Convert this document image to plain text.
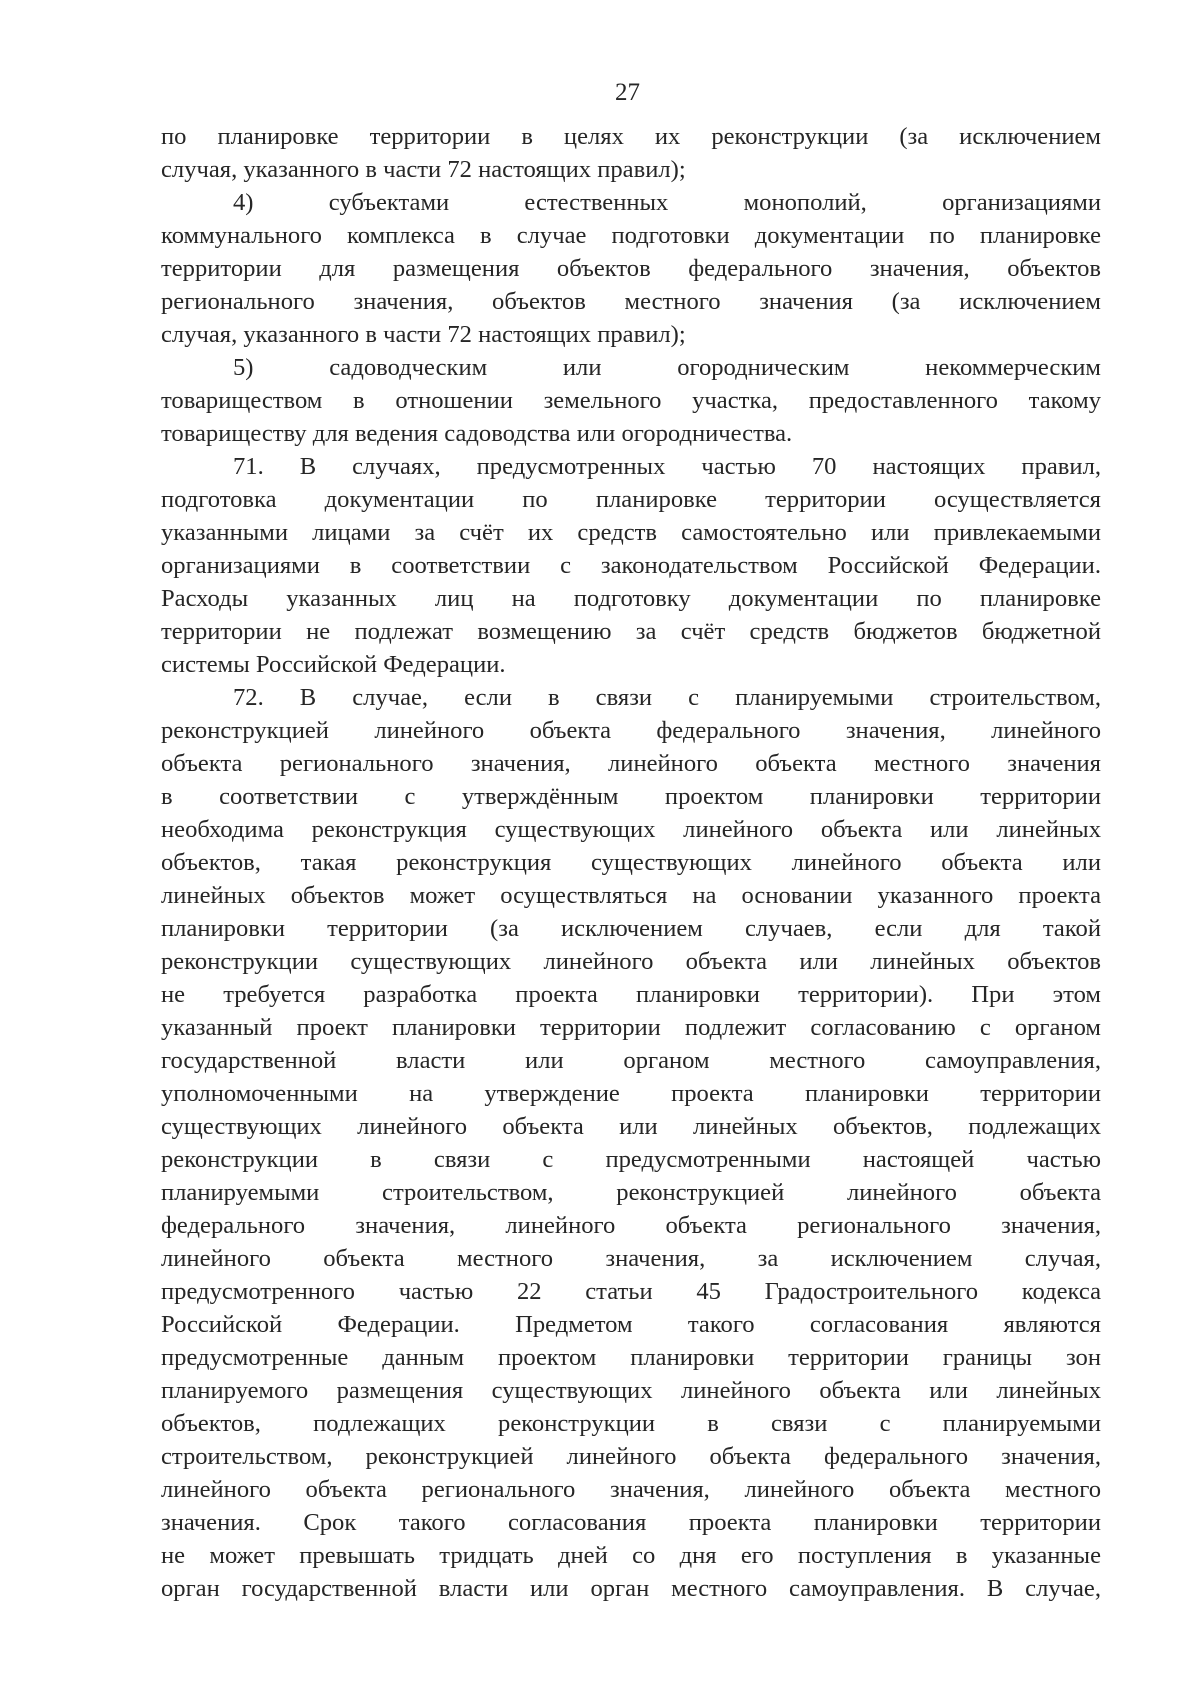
27
по планировке территории в целях их реконструкции (за исключением
случая, указанного в части 72 настоящих правил);
4) субъектами естественных монополий, организациями
коммунального комплекса в случае подготовки документации по планировке
территории для размещения объектов федерального значения, объектов
регионального значения, объектов местного значения (за исключением
случая, указанного в части 72 настоящих правил);
5) садоводческим или огородническим некоммерческим
товариществом в отношении земельного участка, предоставленного такому
товариществу для ведения садоводства или огородничества.
71. В случаях, предусмотренных частью 70 настоящих правил,
подготовка документации по планировке территории осуществляется
указанными лицами за счёт их средств самостоятельно или привлекаемыми
организациями в соответствии с законодательством Российской Федерации.
Расходы указанных лиц на подготовку документации по планировке
территории не подлежат возмещению за счёт средств бюджетов бюджетной
системы Российской Федерации.
72. В случае, если в связи с планируемыми строительством,
реконструкцией линейного объекта федерального значения, линейного
объекта регионального значения, линейного объекта местного значения
в соответствии с утверждённым проектом планировки территории
необходима реконструкция существующих линейного объекта или линейных
объектов, такая реконструкция существующих линейного объекта или
линейных объектов может осуществляться на основании указанного проекта
планировки территории (за исключением случаев, если для такой
реконструкции существующих линейного объекта или линейных объектов
не требуется разработка проекта планировки территории). При этом
указанный проект планировки территории подлежит согласованию с органом
государственной власти или органом местного самоуправления,
уполномоченными на утверждение проекта планировки территории
существующих линейного объекта или линейных объектов, подлежащих
реконструкции в связи с предусмотренными настоящей частью
планируемыми строительством, реконструкцией линейного объекта
федерального значения, линейного объекта регионального значения,
линейного объекта местного значения, за исключением случая,
предусмотренного частью 22 статьи 45 Градостроительного кодекса
Российской Федерации. Предметом такого согласования являются
предусмотренные данным проектом планировки территории границы зон
планируемого размещения существующих линейного объекта или линейных
объектов, подлежащих реконструкции в связи с планируемыми
строительством, реконструкцией линейного объекта федерального значения,
линейного объекта регионального значения, линейного объекта местного
значения. Срок такого согласования проекта планировки территории
не может превышать тридцать дней со дня его поступления в указанные
орган государственной власти или орган местного самоуправления. В случае,
